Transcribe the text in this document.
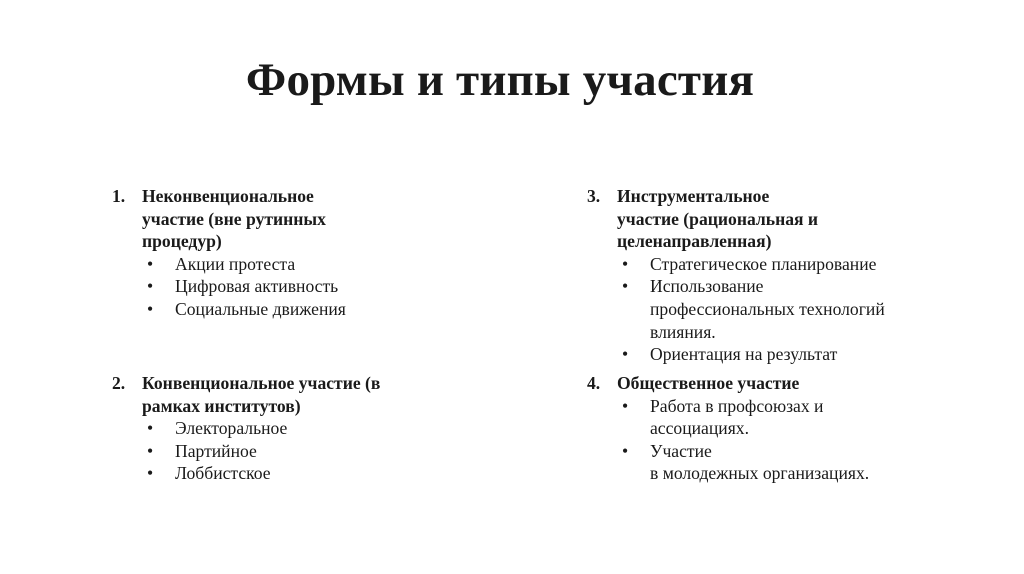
Формы и типы участия
1. Неконвенциональное
участие (вне рутинных
процедур)
• Акции протеста
• Цифровая активность
• Социальные движения
2. Конвенциональное участие (в
рамках институтов)
• Электоральное
• Партийное
• Лоббистское
3. Инструментальное
участие (рациональная и
целенаправленная)
• Стратегическое планирование
• Использование
профессиональных технологий
влияния.
• Ориентация на результат
4. Общественное участие
• Работа в профсоюзах и
ассоциациях.
• Участие
в молодежных организациях.
